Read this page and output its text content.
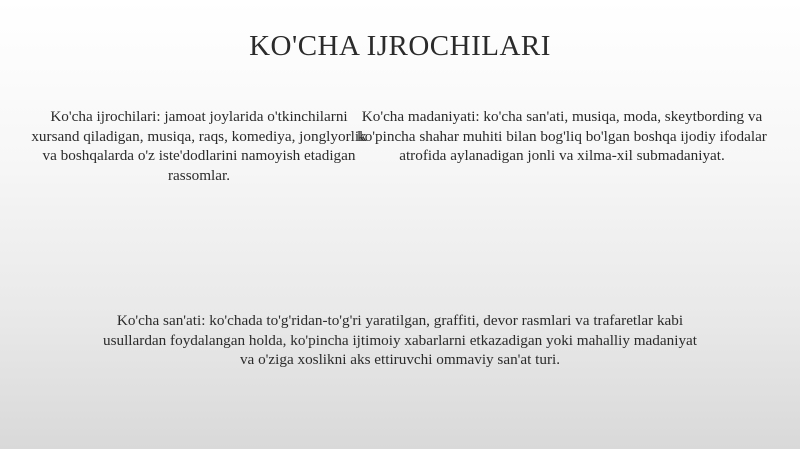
KO'CHA IJROCHILARI

Ko'cha ijrochilari: jamoat joylarida o'tkinchilarni xursand qiladigan, musiqa, raqs, komediya, jonglyorlik va boshqalarda o'z iste'dodlarini namoyish etadigan rassomlar.

Ko'cha madaniyati: ko'cha san'ati, musiqa, moda, skeytbording va ko'pincha shahar muhiti bilan bog'liq bo'lgan boshqa ijodiy ifodalar atrofida aylanadigan jonli va xilma-xil submadaniyat.

Ko'cha san'ati: ko'chada to'g'ridan-to'g'ri yaratilgan, graffiti, devor rasmlari va trafaretlar kabi usullardan foydalangan holda, ko'pincha ijtimoiy xabarlarni etkazadigan yoki mahalliy madaniyat va o'ziga xoslikni aks ettiruvchi ommaviy san'at turi.
